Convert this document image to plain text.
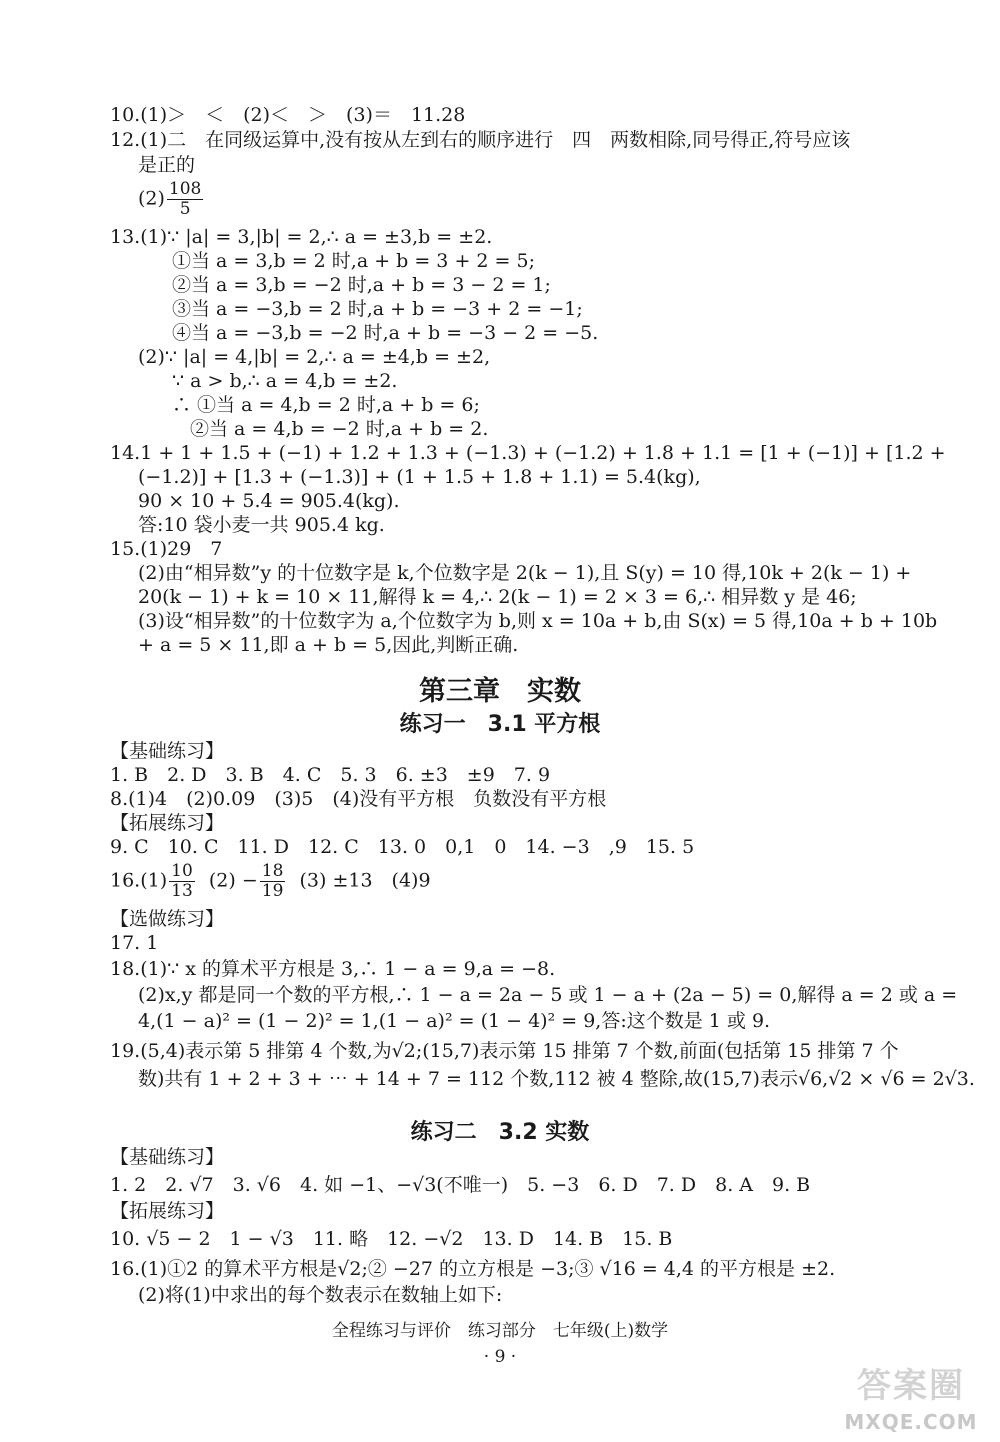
10.(1)＞　＜　(2)＜　＞　(3)＝　11.28
12.(1)二　在同级运算中,没有按从左到右的顺序进行　四　两数相除,同号得正,符号应该
是正的
$(2) \frac{108}{5}$
13.(1)∵ |a| = 3,|b| = 2,∴ a = ±3,b = ±2.
①当 a = 3,b = 2 时,a + b = 3 + 2 = 5;
②当 a = 3,b = −2 时,a + b = 3 − 2 = 1;
③当 a = −3,b = 2 时,a + b = −3 + 2 = −1;
④当 a = −3,b = −2 时,a + b = −3 − 2 = −5.
(2)∵ |a| = 4,|b| = 2,∴ a = ±4,b = ±2,
∵ a > b,∴ a = 4,b = ±2.
∴ ①当 a = 4,b = 2 时,a + b = 6;
②当 a = 4,b = −2 时,a + b = 2.
14.1 + 1 + 1.5 + (−1) + 1.2 + 1.3 + (−1.3) + (−1.2) + 1.8 + 1.1 = [1 + (−1)] + [1.2 +
(−1.2)] + [1.3 + (−1.3)] + (1 + 1.5 + 1.8 + 1.1) = 5.4(kg),
90 × 10 + 5.4 = 905.4(kg).
答:10 袋小麦一共 905.4 kg.
15.(1)29　7
(2)由“相异数”y 的十位数字是 k,个位数字是 2(k − 1),且 S(y) = 10 得,10k + 2(k − 1) +
20(k − 1) + k = 10 × 11,解得 k = 4,∴ 2(k − 1) = 2 × 3 = 6,∴ 相异数 y 是 46;
(3)设“相异数”的十位数字为 a,个位数字为 b,则 x = 10a + b,由 S(x) = 5 得,10a + b + 10b
+ a = 5 × 11,即 a + b = 5,因此,判断正确.
第三章　实数
练习一　3.1 平方根
【基础练习】
1. B　2. D　3. B　4. C　5. 3　6. ±3　±9　7. 9
8.(1)4　(2)0.09　(3)5　(4)没有平方根　负数没有平方根
【拓展练习】
9. C　10. C　11. D　12. C　13. 0　0,1　0　14. −3　,9　15. 5
$16.(1) \frac{10}{13} (2) - \frac{18}{19} (3) \pm 13$　(4)9
【选做练习】
17. 1
18.(1)∵ x 的算术平方根是 3,∴ 1 − a = 9,a = −8.
(2)x,y 都是同一个数的平方根,∴ 1 − a = 2a − 5 或 1 − a + (2a − 5) = 0,解得 a = 2 或 a =
4,(1 − a)² = (1 − 2)² = 1,(1 − a)² = (1 − 4)² = 9,答:这个数是 1 或 9.
19.(5,4)表示第 5 排第 4 个数,为√2;(15,7)表示第 15 排第 7 个数,前面(包括第 15 排第 7 个
数)共有 1 + 2 + 3 + ⋯ + 14 + 7 = 112 个数,112 被 4 整除,故(15,7)表示√6,√2 × √6 = 2√3.
练习二　3.2 实数
【基础练习】
1. 2　2. √7　3. √6　4. 如 −1、−√3(不唯一)　5. −3　6. D　7. D　8. A　9. B
【拓展练习】
10. √5 − 2　1 − √3　11. 略　12. −√2　13. D　14. B　15. B
16.(1)①2 的算术平方根是√2;② −27 的立方根是 −3;③ √16 = 4,4 的平方根是 ±2.
(2)将(1)中求出的每个数表示在数轴上如下:
全程练习与评价　练习部分　七年级(上)数学
· 9 ·
答案圈
MXQE.COM
